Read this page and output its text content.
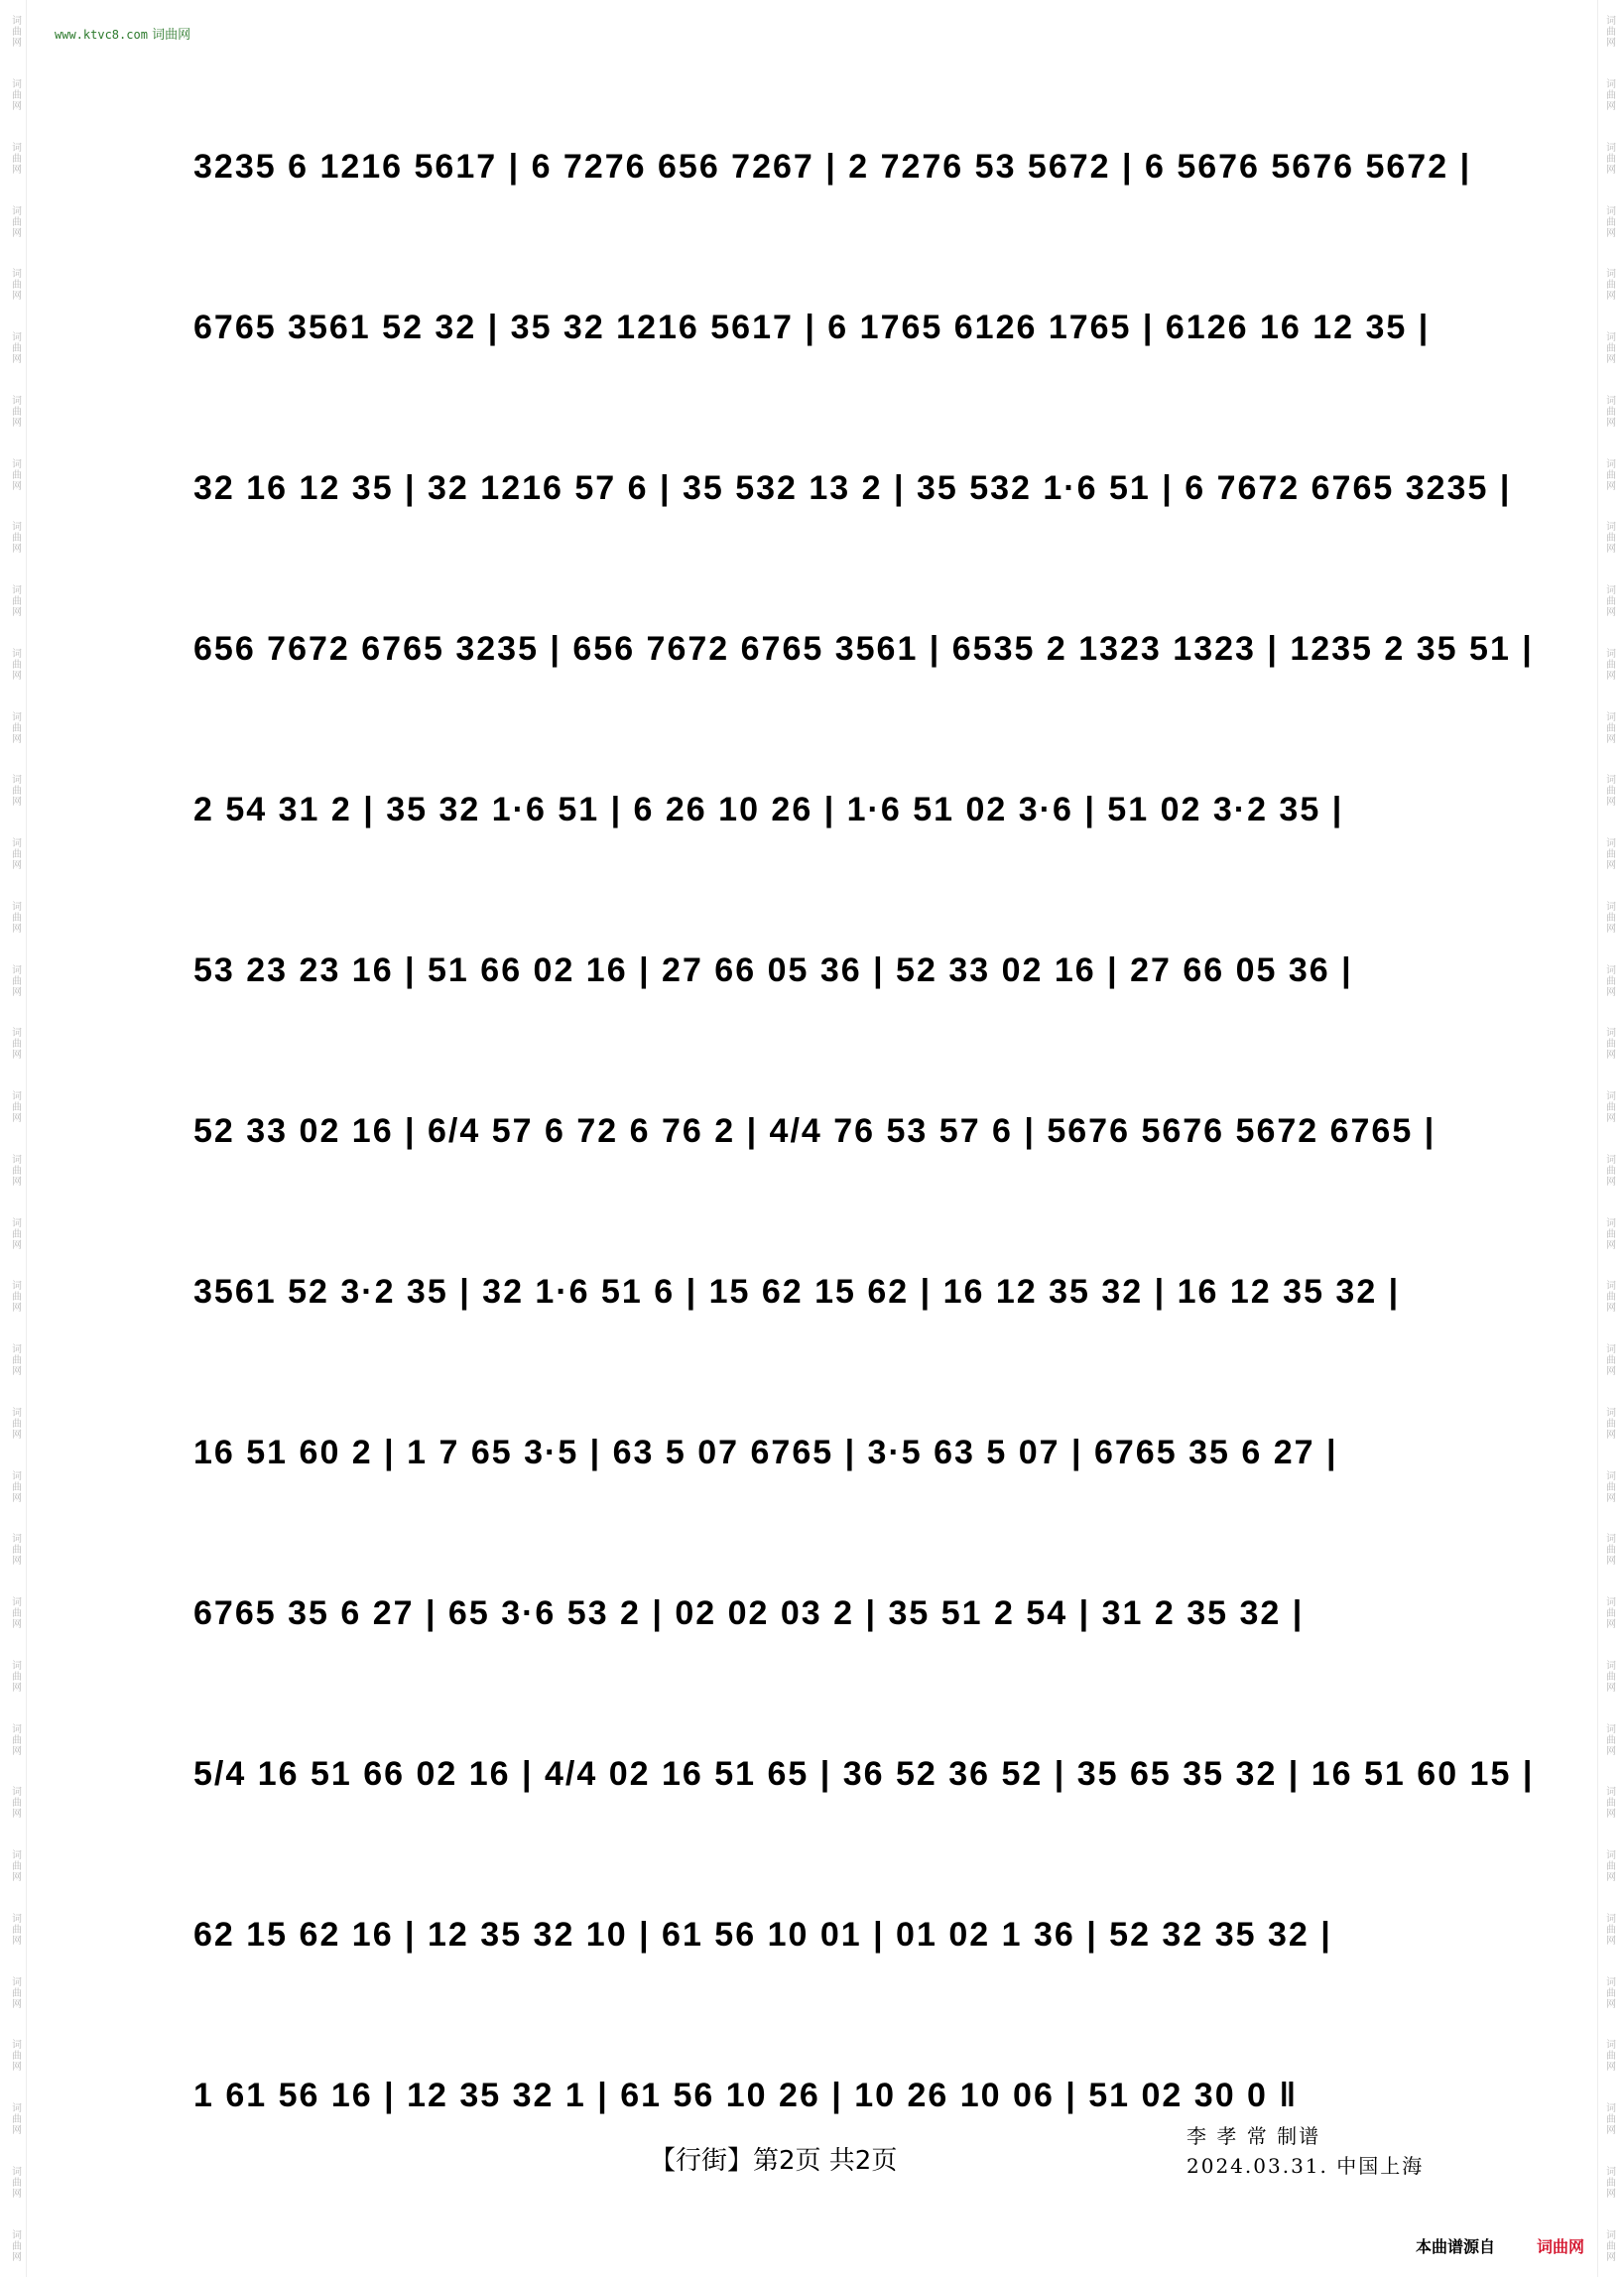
词曲网
词曲网
词曲网
词曲网
词曲网
词曲网
词曲网
词曲网
词曲网
词曲网
词曲网
词曲网
词曲网
词曲网
词曲网
词曲网
词曲网
词曲网
词曲网
词曲网
词曲网
词曲网
词曲网
词曲网
词曲网
词曲网
词曲网
词曲网
词曲网
词曲网
词曲网
词曲网
词曲网
词曲网
词曲网
词曲网
词曲网
词曲网
词曲网
词曲网
词曲网
词曲网
词曲网
词曲网
词曲网
词曲网
词曲网
词曲网
词曲网
词曲网
词曲网
词曲网
词曲网
词曲网
词曲网
词曲网
词曲网
词曲网
词曲网
词曲网
词曲网
词曲网
词曲网
词曲网
词曲网
词曲网
词曲网
词曲网
词曲网
词曲网
词曲网
词曲网
www.ktvc8.com 词曲网
3235 6 1216 5617 | 6 7276 656 7267 | 2 7276 53 5672 | 6 5676 5676 5672 |
6765 3561 52 32 | 35 32 1216 5617 | 6 1765 6126 1765 | 6126 16 12 35 |
32 16 12 35 | 32 1216 57 6 | 35 532 13 2 | 35 532 1·6 51 | 6 7672 6765 3235 |
656 7672 6765 3235 | 656 7672 6765 3561 | 6535 2 1323 1323 | 1235 2 35 51 |
2 54 31 2 | 35 32 1·6 51 | 6 26 10 26 | 1·6 51 02 3·6 | 51 02 3·2 35 |
53 23 23 16 | 51 66 02 16 | 27 66 05 36 | 52 33 02 16 | 27 66 05 36 |
52 33 02 16 | 6/4 57 6 72 6 76 2 | 4/4 76 53 57 6 | 5676 5676 5672 6765 |
3561 52 3·2 35 | 32 1·6 51 6 | 15 62 15 62 | 16 12 35 32 | 16 12 35 32 |
16 51 60 2 | 1 7 65 3·5 | 63 5 07 6765 | 3·5 63 5 07 | 6765 35 6 27 |
6765 35 6 27 | 65 3·6 53 2 | 02 02 03 2 | 35 51 2 54 | 31 2 35 32 |
5/4 16 51 66 02 16 | 4/4 02 16 51 65 | 36 52 36 52 | 35 65 35 32 | 16 51 60 15 |
62 15 62 16 | 12 35 32 10 | 61 56 10 01 | 01 02 1 36 | 52 32 35 32 |
1 61 56 16 | 12 35 32 1 | 61 56 10 26 | 10 26 10 06 | 51 02 30 0 ‖
【行街】第2页 共2页
李 孝 常 制谱
2024.03.31. 中国上海
本曲谱源自	词曲网
